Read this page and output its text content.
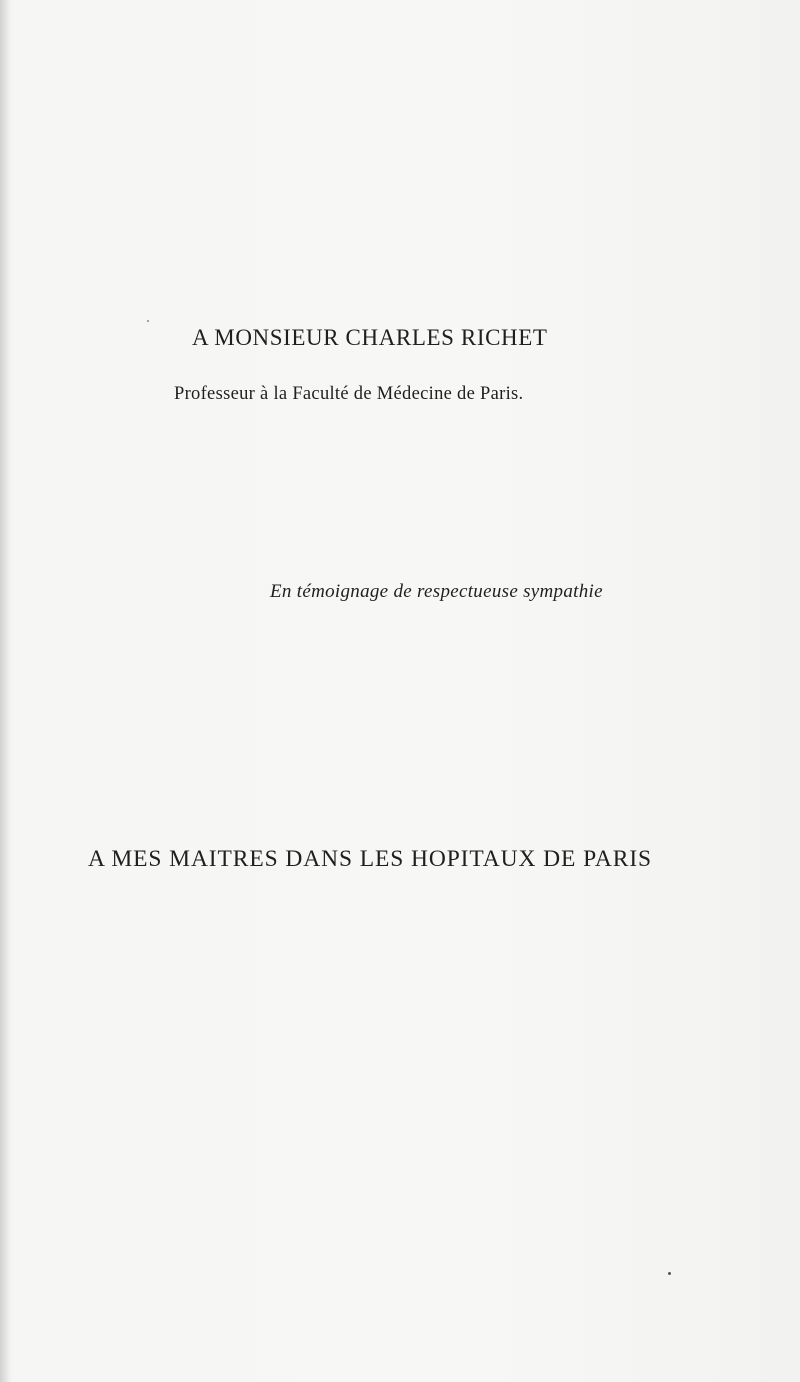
A MONSIEUR CHARLES RICHET
Professeur à la Faculté de Médecine de Paris.
En témoignage de respectueuse sympathie
A MES MAITRES DANS LES HOPITAUX DE PARIS
